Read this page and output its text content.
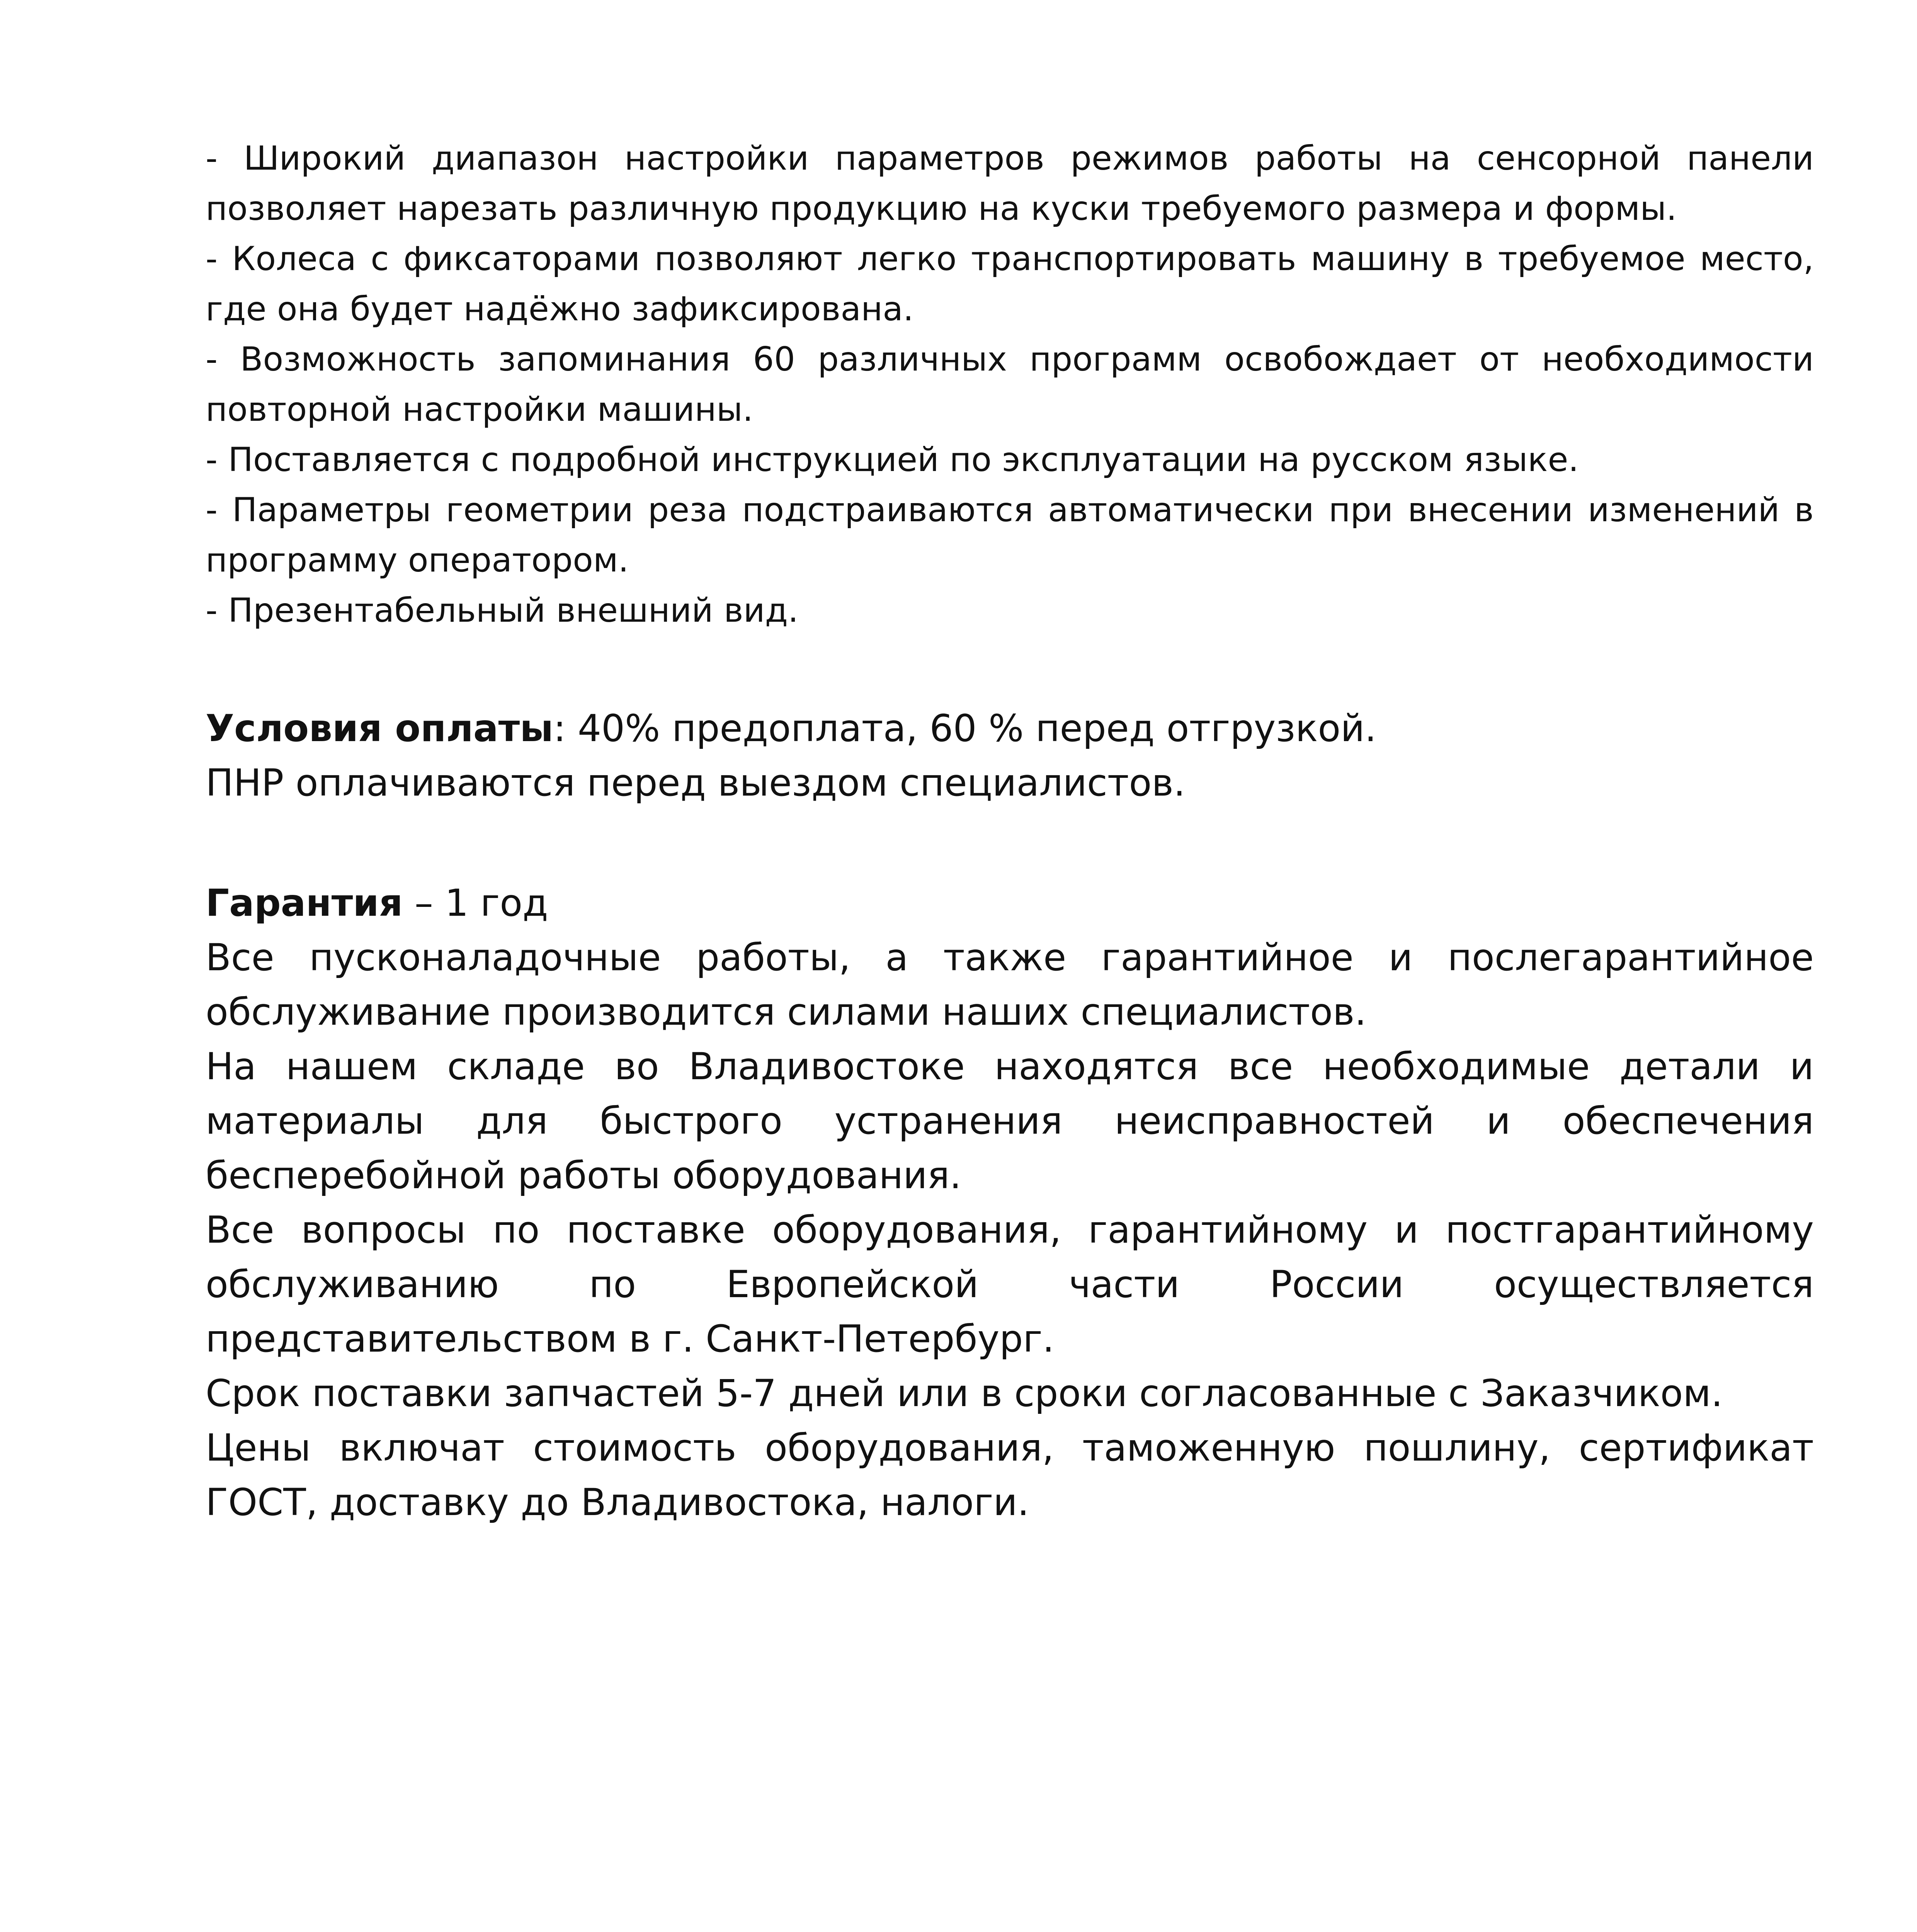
- Широкий диапазон настройки параметров режимов работы на сенсорной панели позволяет нарезать различную продукцию на куски требуемого размера и формы.

- Колеса с фиксаторами позволяют легко транспортировать машину в требуемое место, где она будет надёжно зафиксирована.

- Возможность запоминания 60 различных программ освобождает от необходимости повторной настройки машины.

- Поставляется с подробной инструкцией по эксплуатации на русском языке.

- Параметры геометрии реза подстраиваются автоматически при внесении изменений в программу оператором.

- Презентабельный внешний вид.

Условия оплаты: 40% предоплата, 60 % перед отгрузкой.

ПНР оплачиваются перед выездом специалистов.

Гарантия – 1 год

Все пусконаладочные работы, а также гарантийное и послегарантийное обслуживание производится силами наших специалистов.

На нашем складе во Владивостоке находятся все необходимые детали и материалы для быстрого устранения неисправностей и обеспечения бесперебойной работы оборудования.

Все вопросы по поставке оборудования, гарантийному и постгарантийному обслуживанию по Европейской части России осуществляется представительством в г. Санкт-Петербург.

Срок поставки запчастей 5-7 дней или в сроки согласованные с Заказчиком.

Цены включат стоимость оборудования, таможенную пошлину, сертификат ГОСТ, доставку до Владивостока, налоги.
